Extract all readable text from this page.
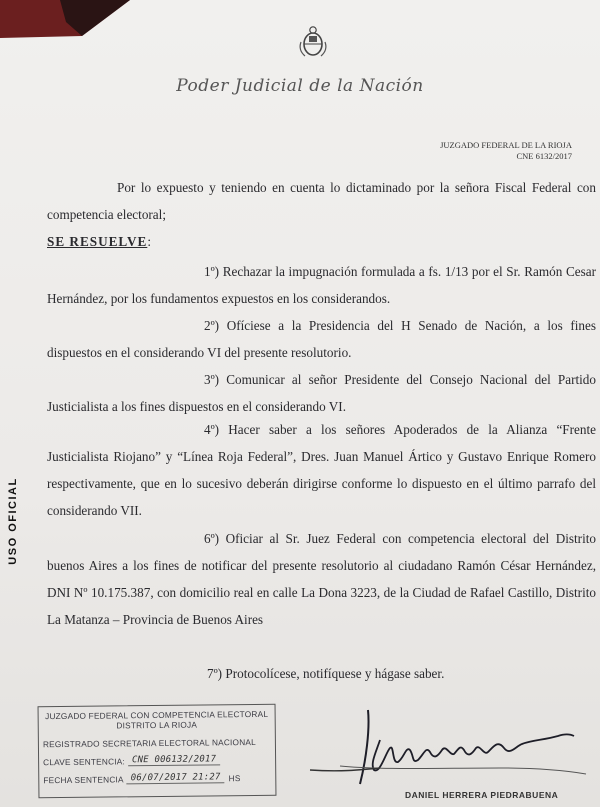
Poder Judicial de la Nación
JUZGADO FEDERAL DE LA RIOJA
CNE 6132/2017
USO OFICIAL

Por lo expuesto y teniendo en cuenta lo dictaminado por la señora Fiscal Federal con competencia electoral;

SE RESUELVE:

1º) Rechazar la impugnación formulada a fs. 1/13 por el Sr. Ramón Cesar Hernández, por los fundamentos expuestos en los considerandos.

2º) Ofíciese a la Presidencia del H Senado de Nación, a los fines dispuestos en el considerando VI del presente resolutorio.

3º) Comunicar al señor Presidente del Consejo Nacional del Partido Justicialista a los fines dispuestos en el considerando VI.

4º) Hacer saber a los señores Apoderados de la Alianza “Frente Justicialista Riojano” y “Línea Roja Federal”, Dres. Juan Manuel Ártico y Gustavo Enrique Romero respectivamente, que en lo sucesivo deberán dirigirse conforme lo dispuesto en el último parrafo del considerando VII.

6º) Oficiar al Sr. Juez Federal con competencia electoral del Distrito buenos Aires a los fines de notificar del presente resolutorio al ciudadano Ramón César Hernández, DNI Nº 10.175.387, con domicilio real en calle La Dona 3223, de la Ciudad de Rafael Castillo, Distrito La Matanza – Provincia de Buenos Aires

7º) Protocolícese, notifíquese y hágase saber.
JUZGADO FEDERAL CON COMPETENCIA ELECTORAL
DISTRITO LA RIOJA
REGISTRADO SECRETARIA ELECTORAL NACIONAL
CLAVE SENTENCIA: CNE 006132/2017
FECHA SENTENCIA 06/07/2017 21:27 HS
DANIEL HERRERA PIEDRABUENA
